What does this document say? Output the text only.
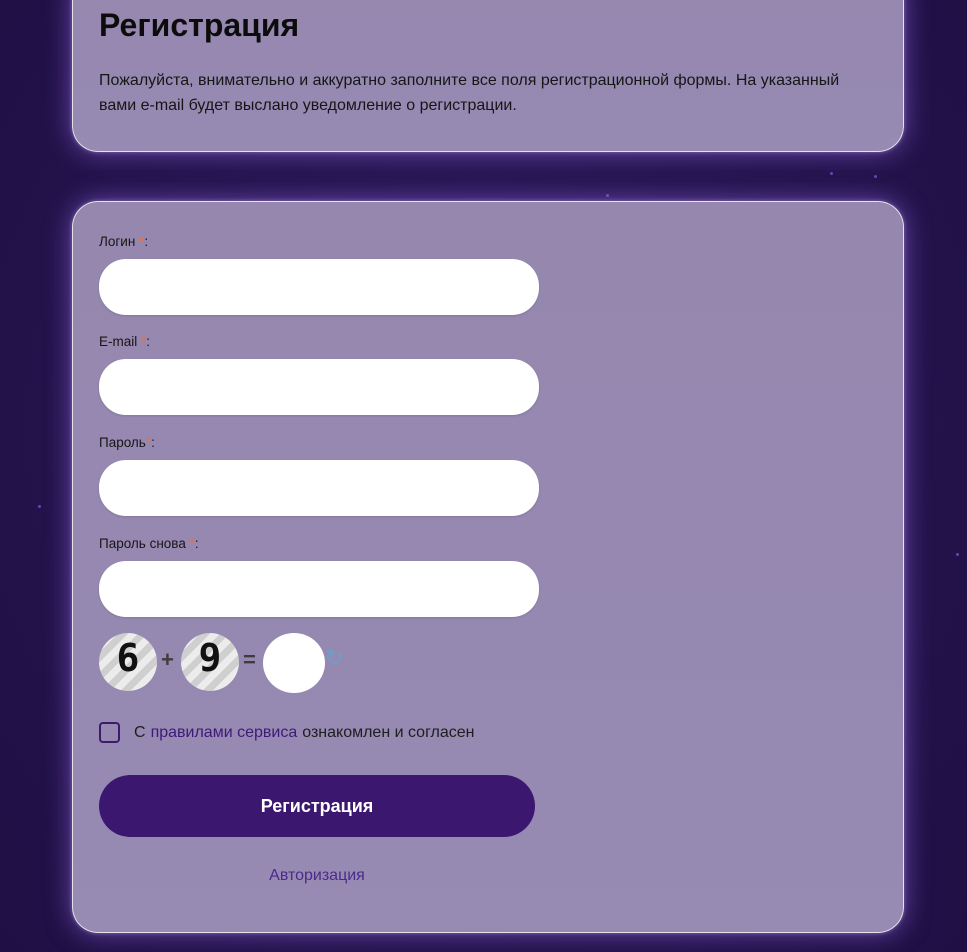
Регистрация
Пожалуйста, внимательно и аккуратно заполните все поля регистрационной формы. На указанный вами e-mail будет выслано уведомление о регистрации.
Логин *:
E-mail *:
Пароль*:
Пароль снова *:
6 + 9 =	↻
С правилами сервиса ознакомлен и согласен
Регистрация
Авторизация
